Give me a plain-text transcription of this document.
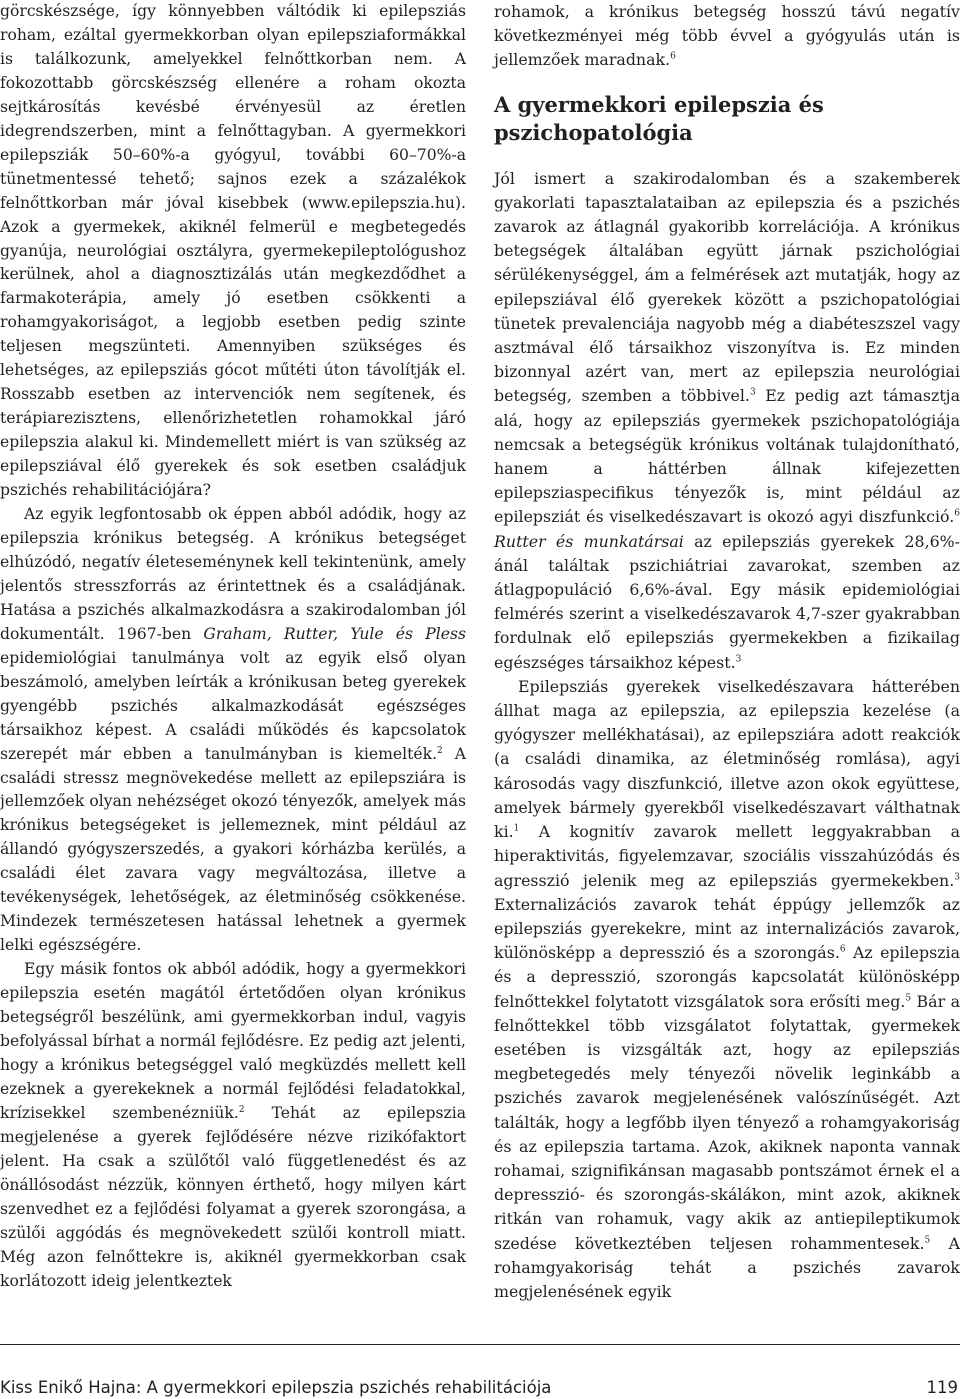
görcskészsége, így könnyebben váltódik ki epilepsziás roham, ezáltal gyermekkorban olyan epilepsziaformákkal is találkozunk, amelyekkel felnőttkorban nem. A fokozottabb görcskészség ellenére a roham okozta sejtkárosítás kevésbé érvényesül az éretlen idegrendszerben, mint a felnőttagyban. A gyermekkori epilepsziák 50–60%-a gyógyul, további 60–70%-a tünetmentessé tehető; sajnos ezek a százalékok felnőttkorban már jóval kisebbek (www.epilepszia.hu). Azok a gyermekek, akiknél felmerül e megbetegedés gyanúja, neurológiai osztályra, gyermekepileptológushoz kerülnek, ahol a diagnosztizálás után megkezdődhet a farmakoterápia, amely jó esetben csökkenti a rohamgyakoriságot, a legjobb esetben pedig szinte teljesen megszünteti. Amennyiben szükséges és lehetséges, az epilepsziás gócot műtéti úton távolítják el. Rosszabb esetben az intervenciók nem segítenek, és terápiarezisztens, ellenőrizhetetlen rohamokkal járó epilepszia alakul ki. Mindemellett miért is van szükség az epilepsziával élő gyerekek és sok esetben családjuk pszichés rehabilitációjára?

Az egyik legfontosabb ok éppen abból adódik, hogy az epilepszia krónikus betegség. A krónikus betegséget elhúzódó, negatív életeseménynek kell tekintenünk, amely jelentős stresszforrás az érintettnek és a családjának. Hatása a pszichés alkalmazkodásra a szakirodalomban jól dokumentált. 1967-ben Graham, Rutter, Yule és Pless epidemiológiai tanulmánya volt az egyik első olyan beszámoló, amelyben leírták a krónikusan beteg gyerekek gyengébb pszichés alkalmazkodását egészséges társaikhoz képest. A családi működés és kapcsolatok szerepét már ebben a tanulmányban is kiemelték.$^2$ A családi stressz megnövekedése mellett az epilepsziára is jellemzőek olyan nehézséget okozó tényezők, amelyek más krónikus betegségeket is jellemeznek, mint például az állandó gyógyszerszedés, a gyakori kórházba kerülés, a családi élet zavara vagy megváltozása, illetve a tevékenységek, lehetőségek, az életminőség csökkenése. Mindezek természetesen hatással lehetnek a gyermek lelki egészségére.

Egy másik fontos ok abból adódik, hogy a gyermekkori epilepszia esetén magától értetődően olyan krónikus betegségről beszélünk, ami gyermekkorban indul, vagyis befolyással bírhat a normál fejlődésre. Ez pedig azt jelenti, hogy a krónikus betegséggel való megküzdés mellett kell ezeknek a gyerekeknek a normál fejlődési feladatokkal, krízisekkel szembenézniük.$^2$ Tehát az epilepszia megjelenése a gyerek fejlődésére nézve rizikófaktort jelent. Ha csak a szülőtől való függetlenedést és az önállósodást nézzük, könnyen érthető, hogy milyen kárt szenvedhet ez a fejlődési folyamat a gyerek szorongása, a szülői aggódás és megnövekedett szülői kontroll miatt. Még azon felnőttekre is, akiknél gyermekkorban csak korlátozott ideig jelentkeztek

rohamok, a krónikus betegség hosszú távú negatív következményei még több évvel a gyógyulás után is jellemzőek maradnak.$^6$

A gyermekkori epilepszia és pszichopatológia

Jól ismert a szakirodalomban és a szakemberek gyakorlati tapasztalataiban az epilepszia és a pszichés zavarok az átlagnál gyakoribb korrelációja. A krónikus betegségek általában együtt járnak pszichológiai sérülékenységgel, ám a felmérések azt mutatják, hogy az epilepsziával élő gyerekek között a pszichopatológiai tünetek prevalenciája nagyobb még a diabéteszszel vagy asztmával élő társaikhoz viszonyítva is. Ez minden bizonnyal azért van, mert az epilepszia neurológiai betegség, szemben a többivel.$^3$ Ez pedig azt támasztja alá, hogy az epilepsziás gyermekek pszichopatológiája nemcsak a betegségük krónikus voltának tulajdonítható, hanem a háttérben állnak kifejezetten epilepsziaspecifikus tényezők is, mint például az epilepsziát és viselkedészavart is okozó agyi diszfunkció.$^6$ Rutter és munkatársai az epilepsziás gyerekek 28,6%-ánál találtak pszichiátriai zavarokat, szemben az átlagpopuláció 6,6%-ával. Egy másik epidemiológiai felmérés szerint a viselkedészavarok 4,7-szer gyakrabban fordulnak elő epilepsziás gyermekekben a fizikailag egészséges társaikhoz képest.$^3$

Epilepsziás gyerekek viselkedészavara hátterében állhat maga az epilepszia, az epilepszia kezelése (a gyógyszer mellékhatásai), az epilepsziára adott reakciók (a családi dinamika, az életminőség romlása), agyi károsodás vagy diszfunkció, illetve azon okok együttese, amelyek bármely gyerekből viselkedészavart válthatnak ki.$^1$ A kognitív zavarok mellett leggyakrabban a hiperaktivitás, figyelemzavar, szociális visszahúzódás és agresszió jelenik meg az epilepsziás gyermekekben.$^3$ Externalizációs zavarok tehát éppúgy jellemzők az epilepsziás gyerekekre, mint az internalizációs zavarok, különösképp a depresszió és a szorongás.$^6$ Az epilepszia és a depresszió, szorongás kapcsolatát különösképp felnőttekkel folytatott vizsgálatok sora erősíti meg.$^5$ Bár a felnőttekkel több vizsgálatot folytattak, gyermekek esetében is vizsgálták azt, hogy az epilepsziás megbetegedés mely tényezői növelik leginkább a pszichés zavarok megjelenésének valószínűségét. Azt találták, hogy a legfőbb ilyen tényező a rohamgyakoriság és az epilepszia tartama. Azok, akiknek naponta vannak rohamai, szignifikánsan magasabb pontszámot érnek el a depresszió- és szorongás-skálákon, mint azok, akiknek ritkán van rohamuk, vagy akik az antiepileptikumok szedése következtében teljesen rohammentesek.$^5$ A rohamgyakoriság tehát a pszichés zavarok megjelenésének egyik

Kiss Enikő Hajna: A gyermekkori epilepszia pszichés rehabilitációja	119
